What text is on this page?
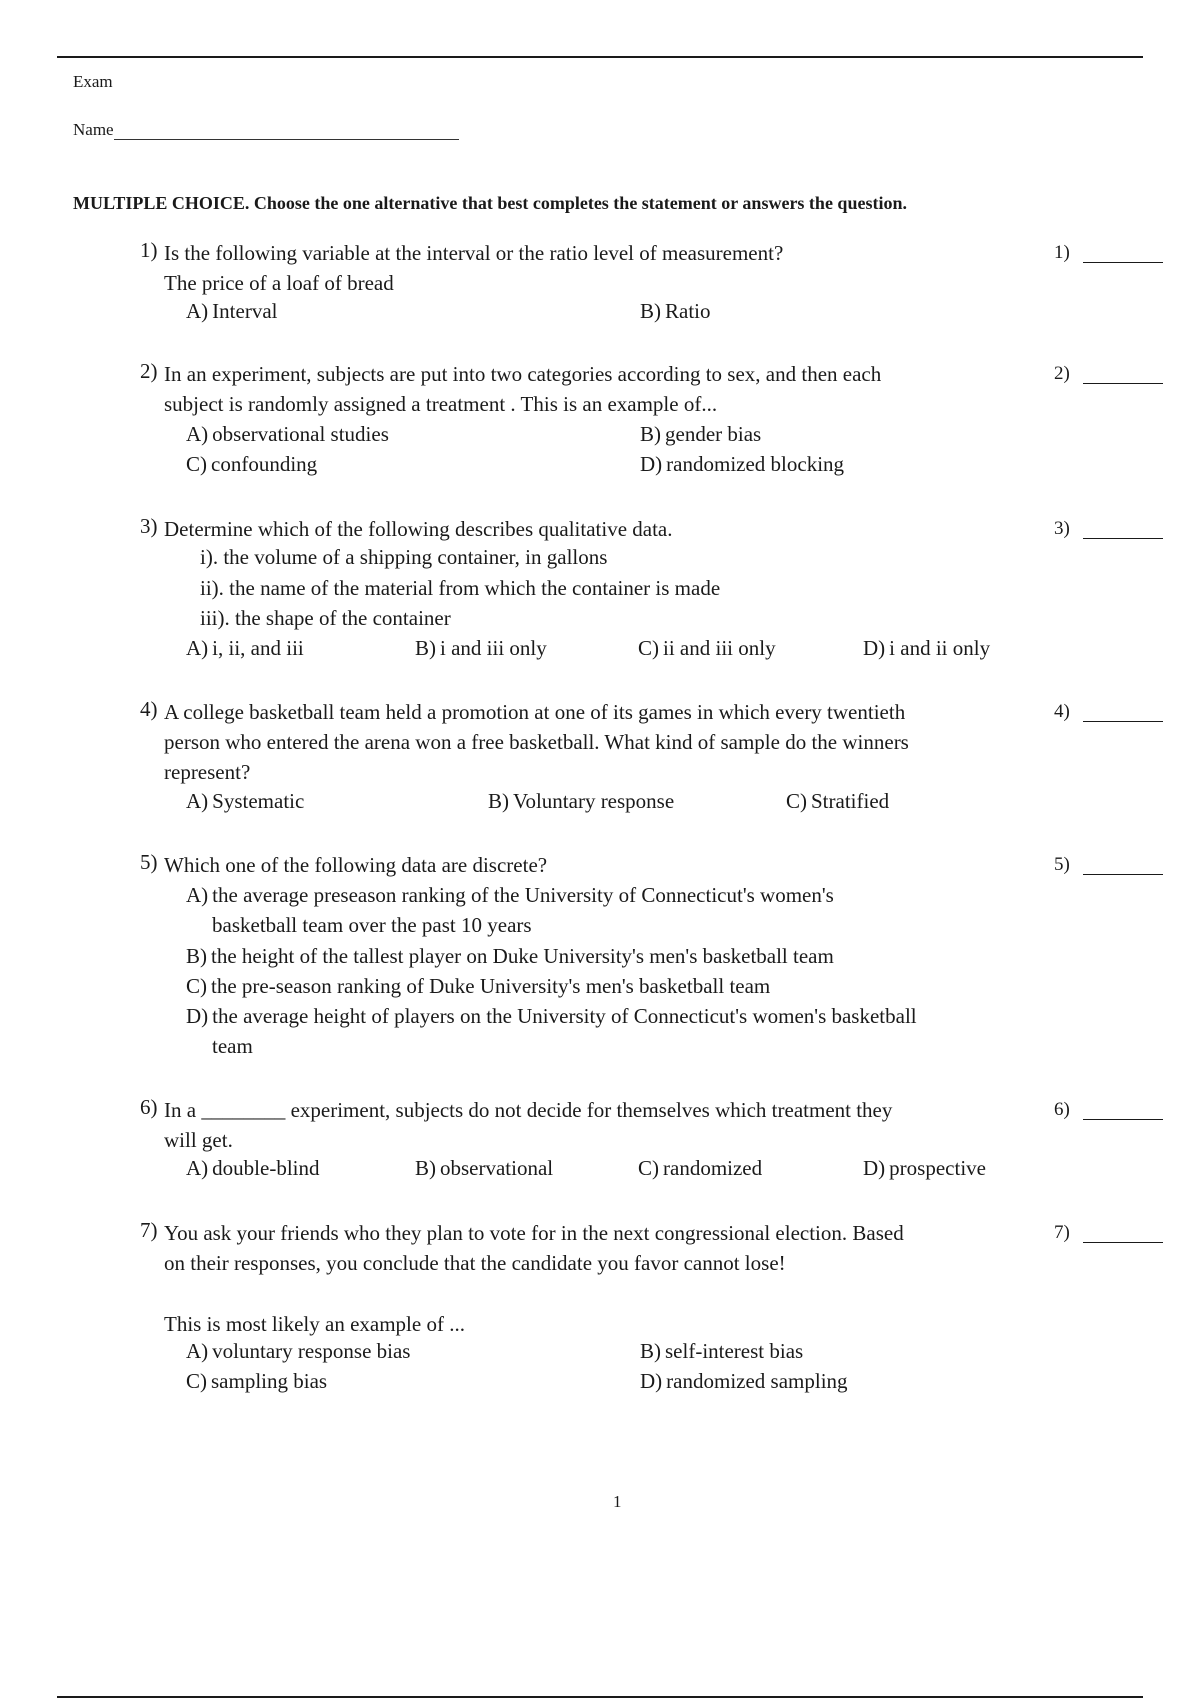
Exam
Name
MULTIPLE CHOICE. Choose the one alternative that best completes the statement or answers the question.
1) Is the following variable at the interval or the ratio level of measurement?
The price of a loaf of bread
1)
A) Interval	B) Ratio
2) In an experiment, subjects are put into two categories according to sex, and then each
subject is randomly assigned a treatment . This is an example of...
2)
A) observational studies	B) gender bias
C) confounding	D) randomized blocking
3) Determine which of the following describes qualitative data.	3)
i). the volume of a shipping container, in gallons
ii). the name of the material from which the container is made
iii). the shape of the container
A) i, ii, and iii	B) i and iii only	C) ii and iii only	D) i and ii only
4) A college basketball team held a promotion at one of its games in which every twentieth
person who entered the arena won a free basketball. What kind of sample do the winners
represent?
4)
A) Systematic	B) Voluntary response	C) Stratified
5) Which one of the following data are discrete?	5)
A) the average preseason ranking of the University of Connecticut's women's
basketball team over the past 10 years
B) the height of the tallest player on Duke University's men's basketball team
C) the pre-season ranking of Duke University's men's basketball team
D) the average height of players on the University of Connecticut's women's basketball
team
6) In a ________ experiment, subjects do not decide for themselves which treatment they
will get.
6)
A) double-blind	B) observational	C) randomized	D) prospective
7) You ask your friends who they plan to vote for in the next congressional election. Based
on their responses, you conclude that the candidate you favor cannot lose!
This is most likely an example of ...
7)
A) voluntary response bias	B) self-interest bias
C) sampling bias	D) randomized sampling
1
